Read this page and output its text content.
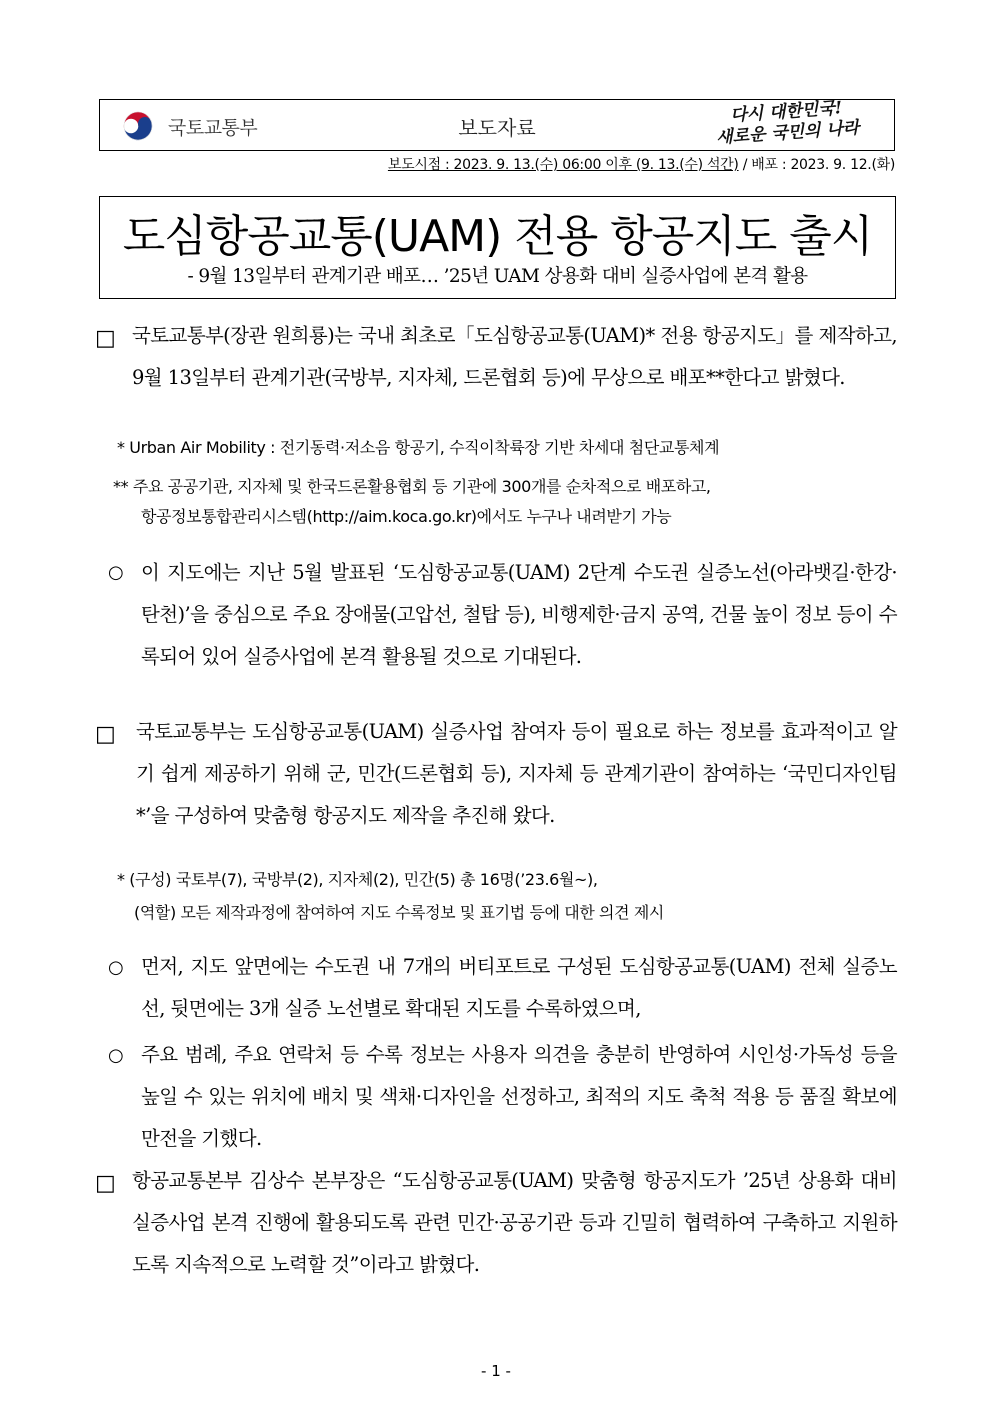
국토교통부	보도자료
다시 대한민국!
새로운 국민의 나라
보도시점 : 2023. 9. 13.(수) 06:00 이후 (9. 13.(수) 석간) / 배포 : 2023. 9. 12.(화)
도심항공교통(UAM) 전용 항공지도 출시
- 9월 13일부터 관계기관 배포… ’25년 UAM 상용화 대비 실증사업에 본격 활용
□ 국토교통부(장관 원희룡)는 국내 최초로「도심항공교통(UAM)* 전용 항공지도」를 제작하고, 9월 13일부터 관계기관(국방부, 지자체, 드론협회 등)에 무상으로 배포**한다고 밝혔다.
* Urban Air Mobility : 전기동력·저소음 항공기, 수직이착륙장 기반 차세대 첨단교통체계
** 주요 공공기관, 지자체 및 한국드론활용협회 등 기관에 300개를 순차적으로 배포하고,
항공정보통합관리시스템(http://aim.koca.go.kr)에서도 누구나 내려받기 가능
○ 이 지도에는 지난 5월 발표된 ‘도심항공교통(UAM) 2단계 수도권 실증노선(아라뱃길·한강·탄천)’을 중심으로 주요 장애물(고압선, 철탑 등), 비행제한·금지 공역, 건물 높이 정보 등이 수록되어 있어 실증사업에 본격 활용될 것으로 기대된다.
□ 국토교통부는 도심항공교통(UAM) 실증사업 참여자 등이 필요로 하는 정보를 효과적이고 알기 쉽게 제공하기 위해 군, 민간(드론협회 등), 지자체 등 관계기관이 참여하는 ‘국민디자인팀*’을 구성하여 맞춤형 항공지도 제작을 추진해 왔다.
* (구성) 국토부(7), 국방부(2), 지자체(2), 민간(5) 총 16명(’23.6월~),
(역할) 모든 제작과정에 참여하여 지도 수록정보 및 표기법 등에 대한 의견 제시
○ 먼저, 지도 앞면에는 수도권 내 7개의 버티포트로 구성된 도심항공교통(UAM) 전체 실증노선, 뒷면에는 3개 실증 노선별로 확대된 지도를 수록하였으며,
○ 주요 범례, 주요 연락처 등 수록 정보는 사용자 의견을 충분히 반영하여 시인성·가독성 등을 높일 수 있는 위치에 배치 및 색채·디자인을 선정하고, 최적의 지도 축척 적용 등 품질 확보에 만전을 기했다.
□ 항공교통본부 김상수 본부장은 “도심항공교통(UAM) 맞춤형 항공지도가 ’25년 상용화 대비 실증사업 본격 진행에 활용되도록 관련 민간·공공기관 등과 긴밀히 협력하여 구축하고 지원하도록 지속적으로 노력할 것”이라고 밝혔다.
- 1 -
